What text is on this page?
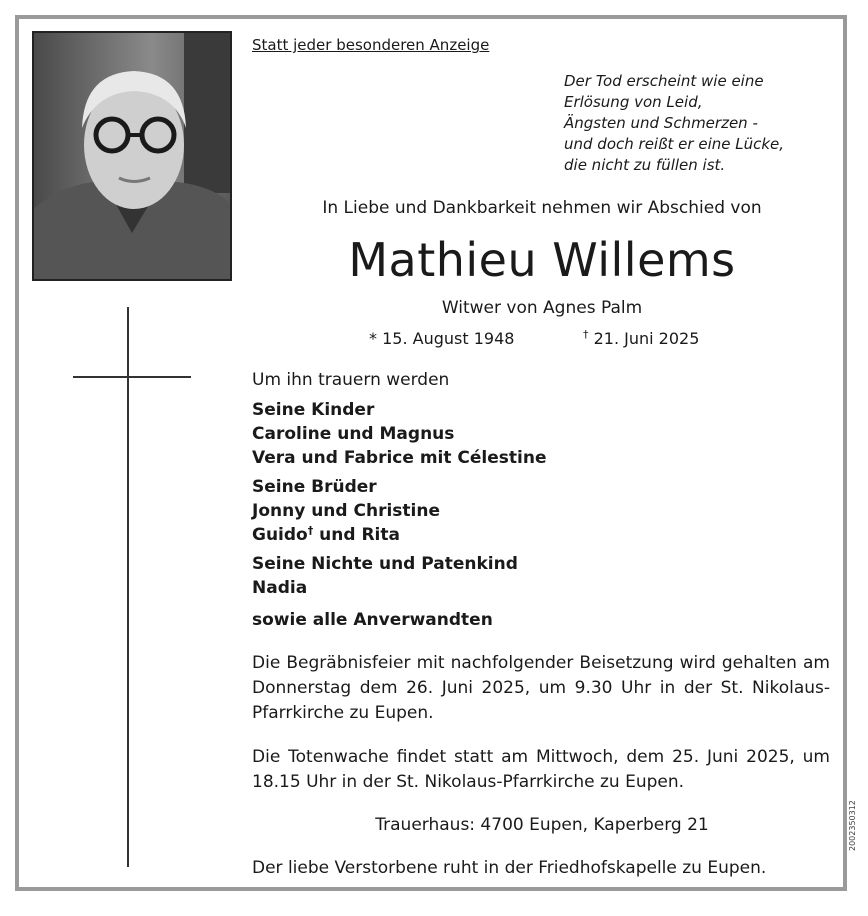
Statt jeder besonderen Anzeige
Der Tod erscheint wie eine
Erlösung von Leid,
Ängsten und Schmerzen -
und doch reißt er eine Lücke,
die nicht zu füllen ist.
In Liebe und Dankbarkeit nehmen wir Abschied von
Mathieu Willems
Witwer von Agnes Palm
* 15. August 1948	† 21. Juni 2025
Um ihn trauern werden
Seine Kinder
Caroline und Magnus
Vera und Fabrice mit Célestine
Seine Brüder
Jonny und Christine
Guido† und Rita
Seine Nichte und Patenkind
Nadia
sowie alle Anverwandten
Die Begräbnisfeier mit nachfolgender Beisetzung wird gehalten am Donnerstag dem 26. Juni 2025, um 9.30 Uhr in der St. Nikolaus-Pfarrkirche zu Eupen.
Die Totenwache findet statt am Mittwoch, dem 25. Juni 2025, um 18.15 Uhr in der St. Nikolaus-Pfarrkirche zu Eupen.
Trauerhaus: 4700 Eupen, Kaperberg 21
Der liebe Verstorbene ruht in der Friedhofskapelle zu Eupen.
2002350312
